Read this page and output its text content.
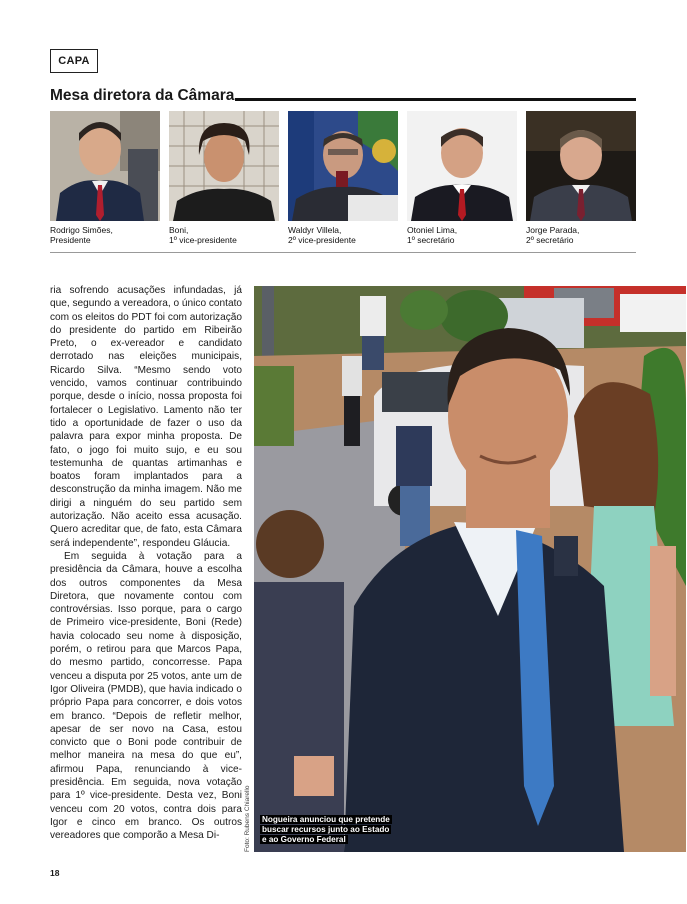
CAPA
Mesa diretora da Câmara
Rodrigo Simões,
Presidente
Boni,
1º vice-presidente
Waldyr Villela,
2º vice-presidente
Otoniel Lima,
1º secretário
Jorge Parada,
2º secretário

ria sofrendo acusações infundadas, já que, segundo a vereadora, o único contato com os eleitos do PDT foi com autorização do presidente do partido em Ribeirão Preto, o ex-vereador e candidato derrotado nas eleições municipais, Ricardo Silva. “Mesmo sendo voto vencido, vamos continuar contribuindo porque, desde o início, nossa proposta foi fortalecer o Legislativo. Lamento não ter tido a oportunidade de fazer o uso da palavra para expor minha proposta. De fato, o jogo foi muito sujo, e eu sou testemunha de quantas artimanhas e boatos foram implantados para a desconstrução da minha imagem. Não me dirigi a ninguém do seu partido sem autorização. Não aceito essa acusação. Quero acreditar que, de fato, esta Câmara será independente”, respondeu Gláucia.

Em seguida à votação para a presidência da Câmara, houve a escolha dos outros componentes da Mesa Diretora, que novamente contou com controvérsias. Isso porque, para o cargo de Primeiro vice-presidente, Boni (Rede) havia colocado seu nome à disposição, porém, o retirou para que Marcos Papa, do mesmo partido, concorresse. Papa venceu a disputa por 25 votos, ante um de Igor Oliveira (PMDB), que havia indicado o próprio Papa para concorrer, e dois votos em branco. “Depois de refletir melhor, apesar de ser novo na Casa, estou convicto que o Boni pode contribuir de melhor maneira na mesa do que eu”, afirmou Papa, renunciando à vice-presidência. Em seguida, nova votação para 1º vice-presidente. Desta vez, Boni venceu com 20 votos, contra dois para Igor e cinco em branco. Os outros vereadores que comporão a Mesa Di-	Foto: Rubens Chiarello Nogueira anunciou que pretende buscar recursos junto ao Estado e ao Governo Federal
18
